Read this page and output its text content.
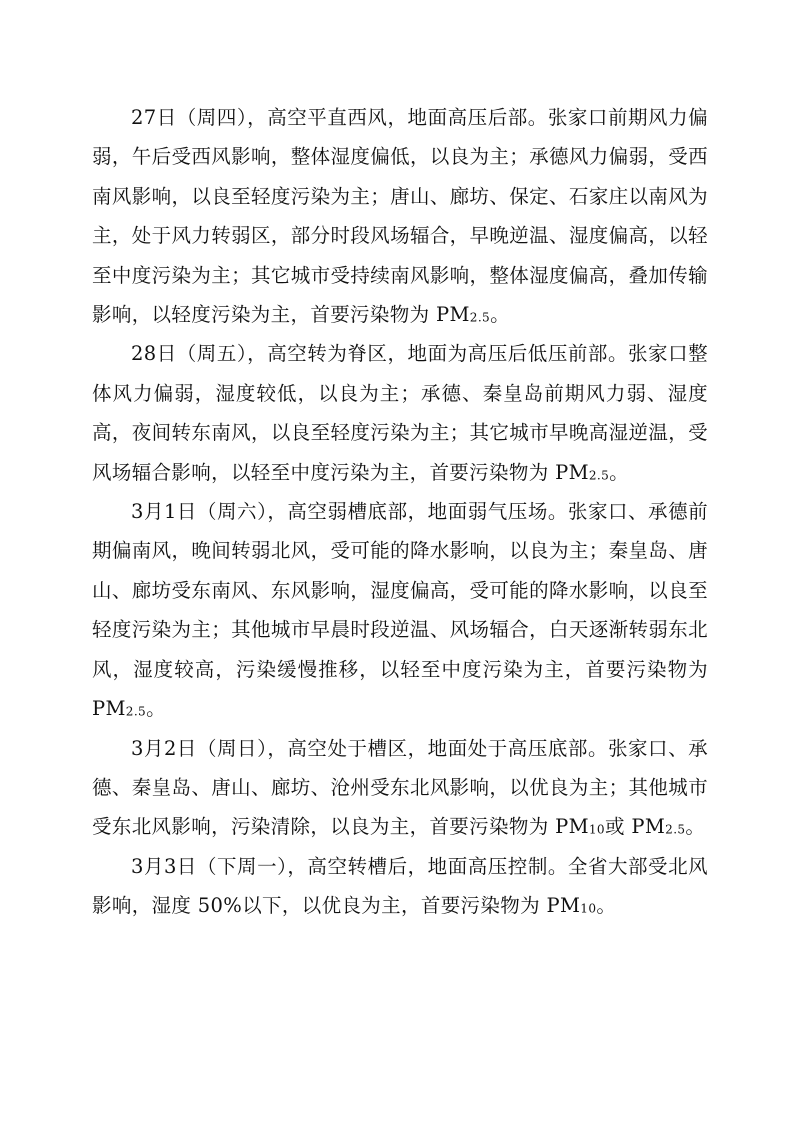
27日（周四），高空平直西风，地面高压后部。张家口前期风力偏弱，午后受西风影响，整体湿度偏低，以良为主；承德风力偏弱，受西南风影响，以良至轻度污染为主；唐山、廊坊、保定、石家庄以南风为主，处于风力转弱区，部分时段风场辐合，早晚逆温、湿度偏高，以轻至中度污染为主；其它城市受持续南风影响，整体湿度偏高，叠加传输影响，以轻度污染为主，首要污染物为 $PM_{2.5}$。

28日（周五），高空转为脊区，地面为高压后低压前部。张家口整体风力偏弱，湿度较低，以良为主；承德、秦皇岛前期风力弱、湿度高，夜间转东南风，以良至轻度污染为主；其它城市早晚高湿逆温，受风场辐合影响，以轻至中度污染为主，首要污染物为 $PM_{2.5}$。

3月1日（周六），高空弱槽底部，地面弱气压场。张家口、承德前期偏南风，晚间转弱北风，受可能的降水影响，以良为主；秦皇岛、唐山、廊坊受东南风、东风影响，湿度偏高，受可能的降水影响，以良至轻度污染为主；其他城市早晨时段逆温、风场辐合，白天逐渐转弱东北风，湿度较高，污染缓慢推移，以轻至中度污染为主，首要污染物为 $PM_{2.5}$。

3月2日（周日），高空处于槽区，地面处于高压底部。张家口、承德、秦皇岛、唐山、廊坊、沧州受东北风影响，以优良为主；其他城市受东北风影响，污染清除，以良为主，首要污染物为 $PM_{10}$或 $PM_{2.5}$。

3月3日（下周一），高空转槽后，地面高压控制。全省大部受北风影响，湿度 50%以下，以优良为主，首要污染物为 $PM_{10}$。
